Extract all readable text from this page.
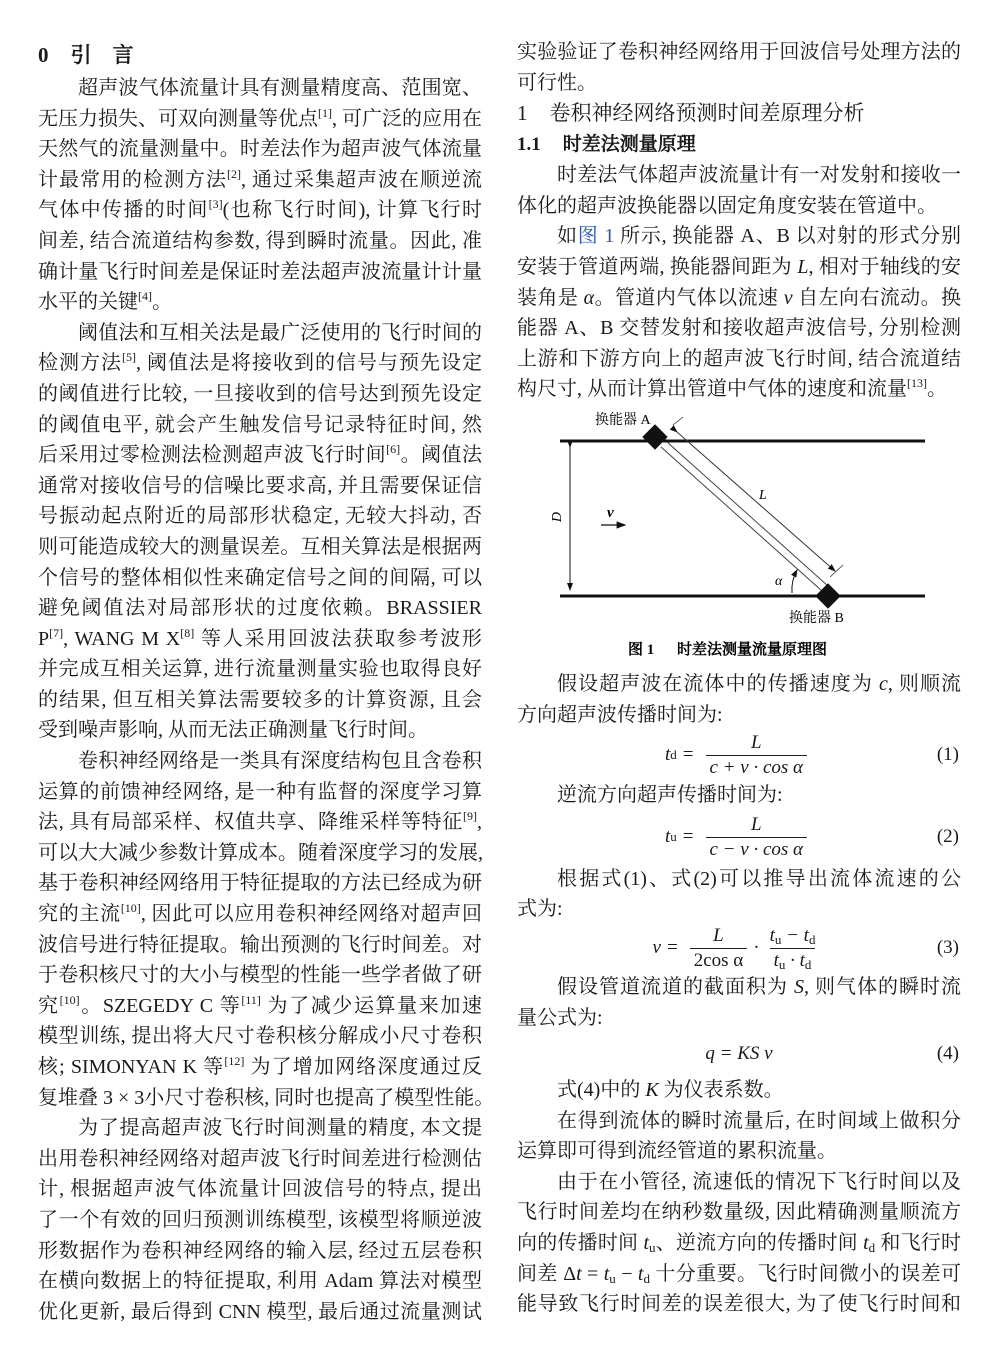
0 引　言
超声波气体流量计具有测量精度高、范围宽、
无压力损失、可双向测量等优点[1], 可广泛的应用在
天然气的流量测量中。时差法作为超声波气体流量
计最常用的检测方法[2], 通过采集超声波在顺逆流
气体中传播的时间[3](也称飞行时间), 计算飞行时
间差, 结合流道结构参数, 得到瞬时流量。因此, 准
确计量飞行时间差是保证时差法超声波流量计计量
水平的关键[4]。
阈值法和互相关法是最广泛使用的飞行时间的
检测方法[5], 阈值法是将接收到的信号与预先设定
的阈值进行比较, 一旦接收到的信号达到预先设定
的阈值电平, 就会产生触发信号记录特征时间, 然
后采用过零检测法检测超声波飞行时间[6]。阈值法
通常对接收信号的信噪比要求高, 并且需要保证信
号振动起点附近的局部形状稳定, 无较大抖动, 否
则可能造成较大的测量误差。互相关算法是根据两
个信号的整体相似性来确定信号之间的间隔, 可以
避免阈值法对局部形状的过度依赖。BRASSIER
P[7], WANG M X[8] 等人采用回波法获取参考波形
并完成互相关运算, 进行流量测量实验也取得良好
的结果, 但互相关算法需要较多的计算资源, 且会
受到噪声影响, 从而无法正确测量飞行时间。
卷积神经网络是一类具有深度结构包且含卷积
运算的前馈神经网络, 是一种有监督的深度学习算
法, 具有局部采样、权值共享、降维采样等特征[9],
可以大大减少参数计算成本。随着深度学习的发展,
基于卷积神经网络用于特征提取的方法已经成为研
究的主流[10], 因此可以应用卷积神经网络对超声回
波信号进行特征提取。输出预测的飞行时间差。对
于卷积核尺寸的大小与模型的性能一些学者做了研
究[10]。SZEGEDY C 等[11] 为了减少运算量来加速
模型训练, 提出将大尺寸卷积核分解成小尺寸卷积
核; SIMONYAN K 等[12] 为了增加网络深度通过反
复堆叠 3 × 3小尺寸卷积核, 同时也提高了模型性能。
为了提高超声波飞行时间测量的精度, 本文提
出用卷积神经网络对超声波飞行时间差进行检测估
计, 根据超声波气体流量计回波信号的特点, 提出
了一个有效的回归预测训练模型, 该模型将顺逆波
形数据作为卷积神经网络的输入层, 经过五层卷积
在横向数据上的特征提取, 利用 Adam 算法对模型
优化更新, 最后得到 CNN 模型, 最后通过流量测试
实验验证了卷积神经网络用于回波信号处理方法的
可行性。
1 卷积神经网络预测时间差原理分析
1.1 时差法测量原理
时差法气体超声波流量计有一对发射和接收一
体化的超声波换能器以固定角度安装在管道中。
如图 1 所示, 换能器 A、B 以对射的形式分别
安装于管道两端, 换能器间距为 L, 相对于轴线的安
装角是 α。管道内气体以流速 v 自左向右流动。换
能器 A、B 交替发射和接收超声波信号, 分别检测
上游和下游方向上的超声波飞行时间, 结合流道结
构尺寸, 从而计算出管道中气体的速度和流量[13]。
D	v
L
α
换能器 A
换能器 B
图 1 时差法测量流量原理图
假设超声波在流体中的传播速度为 c, 则顺流
方向超声波传播时间为:
t $d = \frac{L}{\text{c + v · cos α}}$	(1)
逆流方向超声传播时间为:
t $u = \frac{L}{\text{c − v · cos α}}$	(2)
根据式(1)、式(2)可以推导出流体流速的公
式为:
$v = \frac{L}{\text{2cos α}} \cdot \frac{t_u - t_d}{t_u \cdot t_d}$	(3)
假设管道流道的截面积为 S, 则气体的瞬时流
量公式为:
q = KS v	(4)
式(4)中的 K 为仪表系数。
在得到流体的瞬时流量后, 在时间域上做积分
运算即可得到流经管道的累积流量。
由于在小管径, 流速低的情况下飞行时间以及
飞行时间差均在纳秒数量级, 因此精确测量顺流方
向的传播时间 $t_u$、逆流方向的传播时间 $t_d$ 和飞行时
间差 $\Delta t = t_u - t_d$ 十分重要。飞行时间微小的误差可
能导致飞行时间差的误差很大, 为了使飞行时间和
